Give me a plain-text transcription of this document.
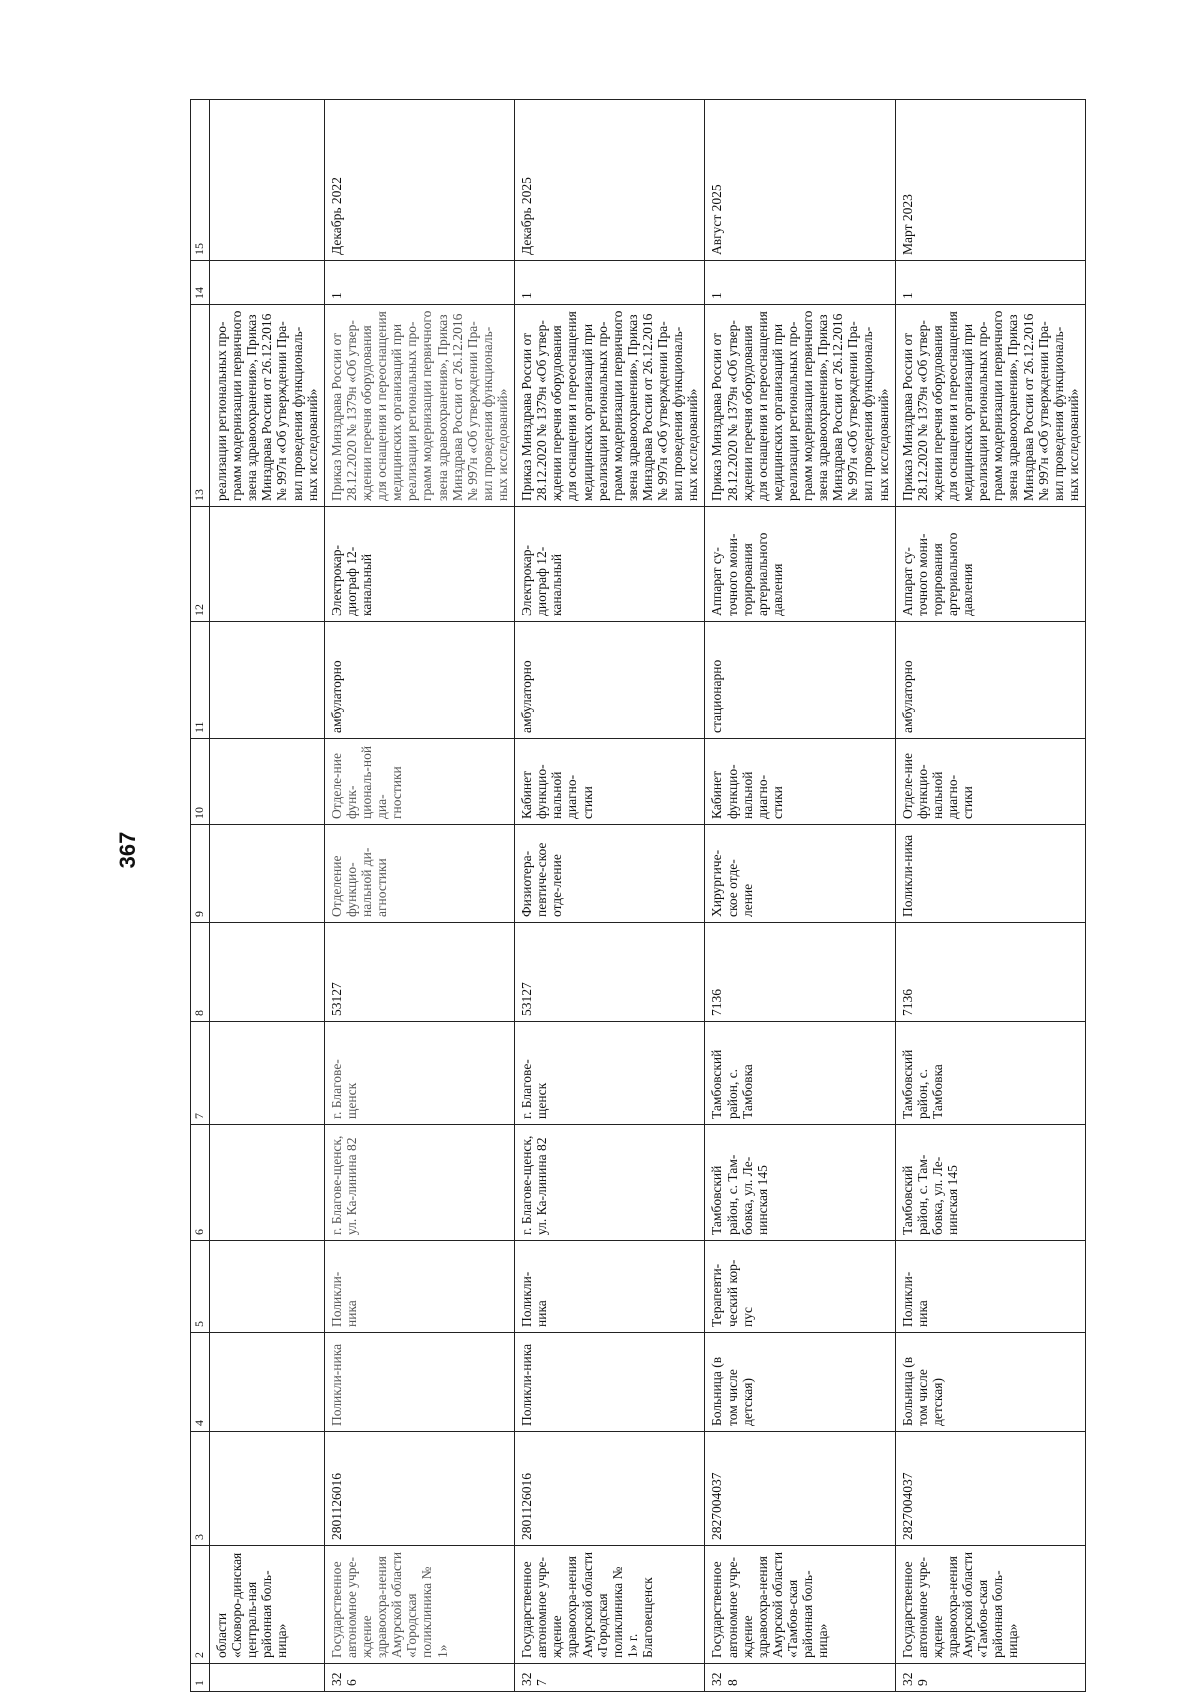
367
1	2	3	4	5	6	7	8	9	10	11	12	13	14	15
	области «Сковоро-динская централь-ная районная боль-ница»											реализации региональных про-грамм модернизации первичного звена здравоохранения», Приказ Минздрава России от 26.12.2016 № 997н «Об утверждении Пра-вил проведения функциональ-ных исследований»		
326	Государственное автономное учре-ждение здравоохра-нения Амурской области «Городская поликлиника № 1»	2801126016	Поликли-ника	Поликли-ника	г. Благове-щенск, ул. Ка-линина 82	г. Благове-щенск	53127	Отделение функцио-нальной ди-агностики	Отделе-ние функ-циональ-ной диа-гностики	амбулаторно	Электрокар-диограф 12-канальный	Приказ Минздрава России от 28.12.2020 № 1379н «Об утвер-ждении перечня оборудования для оснащения и переоснащения медицинских организаций при реализации региональных про-грамм модернизации первичного звена здравоохранения», Приказ Минздрава России от 26.12.2016 № 997н «Об утверждении Пра-вил проведения функциональ-ных исследований»	1	Декабрь 2022
327	Государственное автономное учре-ждение здравоохра-нения Амурской области «Городская поликлиника № 1» г. Благовещенск	2801126016	Поликли-ника	Поликли-ника	г. Благове-щенск, ул. Ка-линина 82	г. Благове-щенск	53127	Физиотера-певтиче-ское отде-ление	Кабинет функцио-нальной диагно-стики	амбулаторно	Электрокар-диограф 12-канальный	Приказ Минздрава России от 28.12.2020 № 1379н «Об утвер-ждении перечня оборудования для оснащения и переоснащения медицинских организаций при реализации региональных про-грамм модернизации первичного звена здравоохранения», Приказ Минздрава России от 26.12.2016 № 997н «Об утверждении Пра-вил проведения функциональ-ных исследований»	1	Декабрь 2025
328	Государственное автономное учре-ждение здравоохра-нения Амурской области «Тамбов-ская районная боль-ница»	2827004037	Больница (в том числе детская)	Терапевти-ческий кор-пус	Тамбовский район, с. Там-бовка, ул. Ле-нинская 145	Тамбовский район, с. Тамбовка	7136	Хирургиче-ское отде-ление	Кабинет функцио-нальной диагно-стики	стационарно	Аппарат су-точного мони-торирования артериального давления	Приказ Минздрава России от 28.12.2020 № 1379н «Об утвер-ждении перечня оборудования для оснащения и переоснащения медицинских организаций при реализации региональных про-грамм модернизации первичного звена здравоохранения», Приказ Минздрава России от 26.12.2016 № 997н «Об утверждении Пра-вил проведения функциональ-ных исследований»	1	Август 2025
329	Государственное автономное учре-ждение здравоохра-нения Амурской области «Тамбов-ская районная боль-ница»	2827004037	Больница (в том числе детская)	Поликли-ника	Тамбовский район, с. Там-бовка, ул. Ле-нинская 145	Тамбовский район, с. Тамбовка	7136	Поликли-ника	Отделе-ние функцио-нальной диагно-стики	амбулаторно	Аппарат су-точного мони-торирования артериального давления	Приказ Минздрава России от 28.12.2020 № 1379н «Об утвер-ждении перечня оборудования для оснащения и переоснащения медицинских организаций при реализации региональных про-грамм модернизации первичного звена здравоохранения», Приказ Минздрава России от 26.12.2016 № 997н «Об утверждении Пра-вил проведения функциональ-ных исследований»	1	Март 2023
